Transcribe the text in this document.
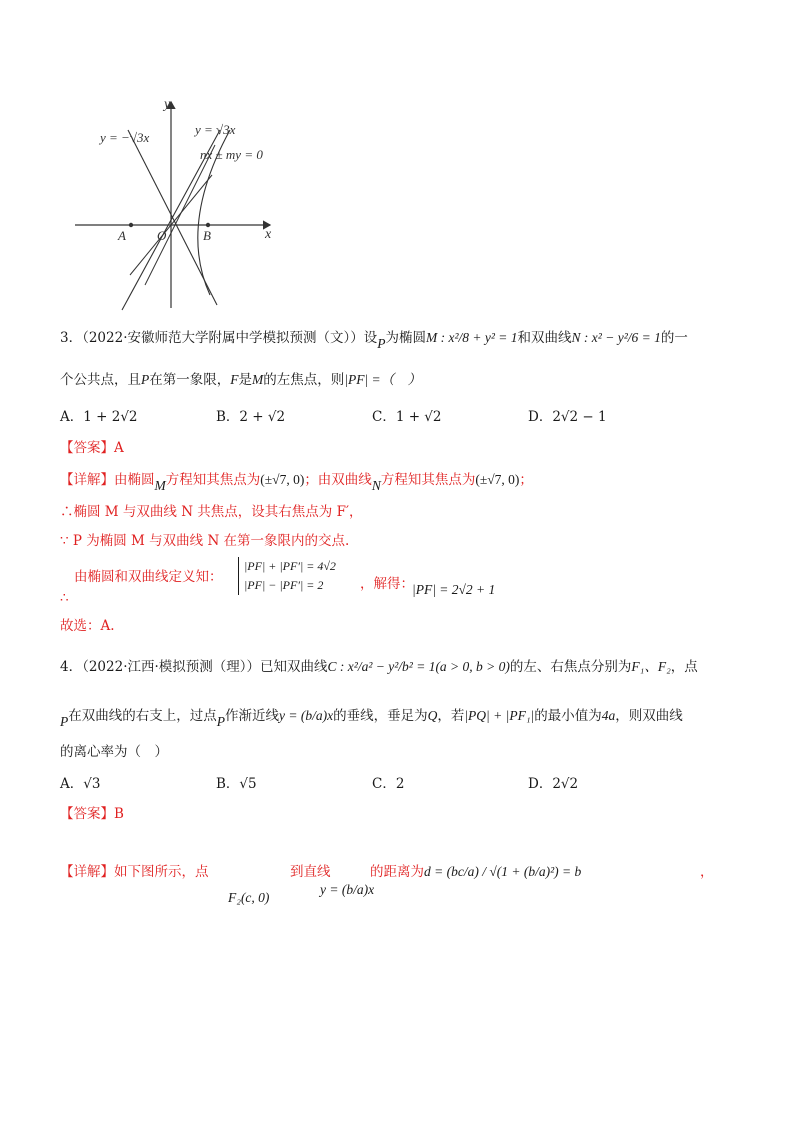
y
x
y = −√3x
y = √3x
nx ± my = 0
A O	B
3．（2022·安徽师范大学附属中学模拟预测（文））设P为椭圆M : x²/8 + y² = 1和双曲线N : x² − y²/6 = 1的一
个公共点，且P在第一象限，F是M的左焦点，则|PF| =（　）
A．1 + 2√2	B．2 + √2	C．1 + √2	D．2√2 − 1
【答案】A
【详解】由椭圆M方程知其焦点为(±√7, 0)；由双曲线N方程知其焦点为(±√7, 0)；
∴椭圆 M 与双曲线 N 共焦点，设其右焦点为 F′，
∵ P 为椭圆 M 与双曲线 N 在第一象限内的交点.
由椭圆和双曲线定义知：
|PF| + |PF′| = 4√2
|PF| − |PF′| = 2	，解得：
|PF| = 2√2 + 1
∴
故选：A.
4．（2022·江西·模拟预测（理））已知双曲线C : x²/a² − y²/b² = 1(a > 0, b > 0)的左、右焦点分别为F₁、F₂，点
P在双曲线的右支上，过点P作渐近线y = (b/a)x的垂线，垂足为Q，若|PQ| + |PF₁|的最小值为4a，则双曲线
的离心率为（　）
A．√3	B．√5	C．2	D．2√2
【答案】B
【详解】如下图所示，点	到直线	的距离为
F₂(c, 0)
y = (b/a)x
d = (bc/a) / √(1 + (b/a)²) = b	，
